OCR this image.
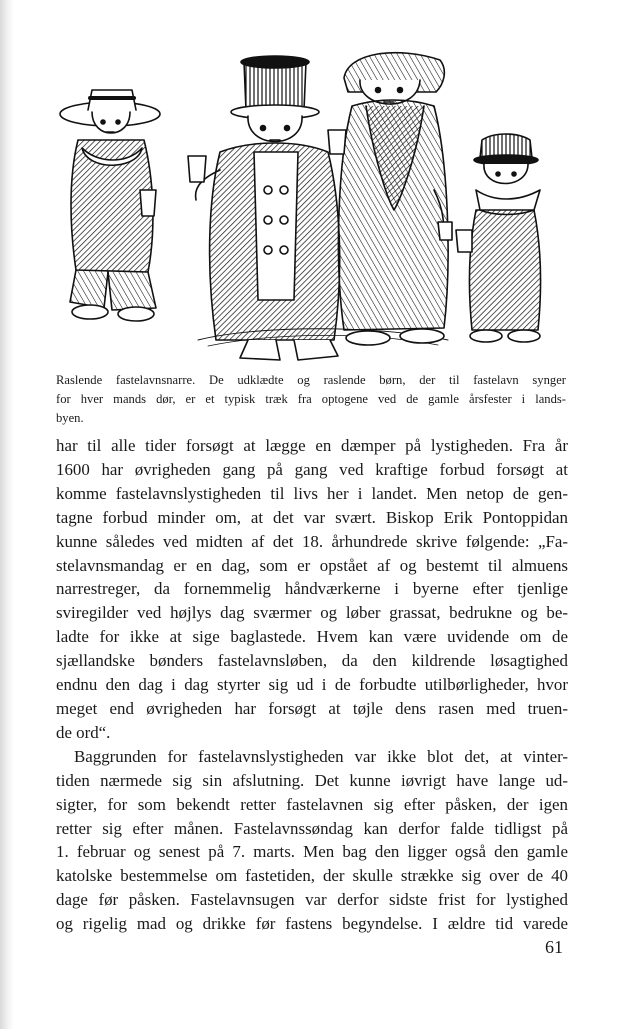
Raslende fastelavnsnarre. De udklædte og raslende børn, der til fastelavn synger
for hver mands dør, er et typisk træk fra optogene ved de gamle årsfester i lands-
byen.
har til alle tider forsøgt at lægge en dæmper på lystigheden. Fra år
1600 har øvrigheden gang på gang ved kraftige forbud forsøgt at
komme fastelavnslystigheden til livs her i landet. Men netop de gen-
tagne forbud minder om, at det var svært. Biskop Erik Pontoppidan
kunne således ved midten af det 18. århundrede skrive følgende: „Fa-
stelavnsmandag er en dag, som er opstået af og bestemt til almuens
narrestreger, da fornemmelig håndværkerne i byerne efter tjenlige
sviregilder ved højlys dag sværmer og løber grassat, bedrukne og be-
ladte for ikke at sige baglastede. Hvem kan være uvidende om de
sjællandske bønders fastelavnsløben, da den kildrende løsagtighed
endnu den dag i dag styrter sig ud i de forbudte utilbørligheder, hvor
meget end øvrigheden har forsøgt at tøjle dens rasen med truen-
de ord“.
Baggrunden for fastelavnslystigheden var ikke blot det, at vinter-
tiden nærmede sig sin afslutning. Det kunne iøvrigt have lange ud-
sigter, for som bekendt retter fastelavnen sig efter påsken, der igen
retter sig efter månen. Fastelavnssøndag kan derfor falde tidligst på
1. februar og senest på 7. marts. Men bag den ligger også den gamle
katolske bestemmelse om fastetiden, der skulle strække sig over de 40
dage før påsken. Fastelavnsugen var derfor sidste frist for lystighed
og rigelig mad og drikke før fastens begyndelse. I ældre tid varede
61
